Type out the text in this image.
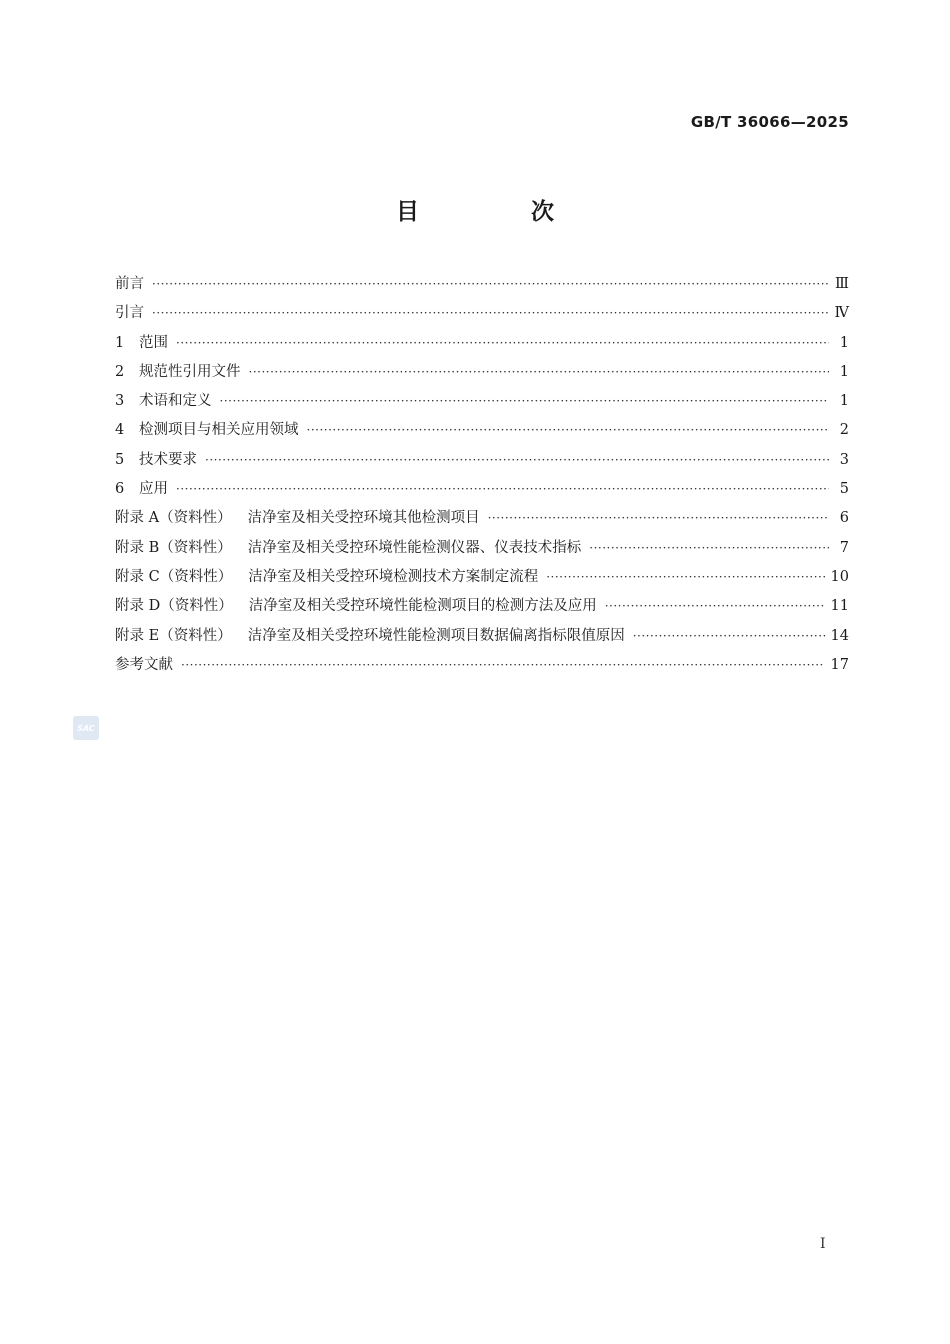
GB/T 36066—2025
目 次
前言 ·····	Ⅲ
引言 ·····	Ⅳ
1	范围 ·····	1
2	规范性引用文件 ·····	1
3	术语和定义 ·····	1
4	检测项目与相关应用领域 ·····	2
5	技术要求 ·····	3
6	应用 ·····	5
附录 A（资料性） 洁净室及相关受控环境其他检测项目 ·····	6
附录 B（资料性） 洁净室及相关受控环境性能检测仪器、仪表技术指标 ·····	7
附录 C（资料性） 洁净室及相关受控环境检测技术方案制定流程 ·····	10
附录 D（资料性） 洁净室及相关受控环境性能检测项目的检测方法及应用 ·····	11
附录 E（资料性） 洁净室及相关受控环境性能检测项目数据偏离指标限值原因 ·····	14
参考文献 ·····	17
SAC
Ⅰ
